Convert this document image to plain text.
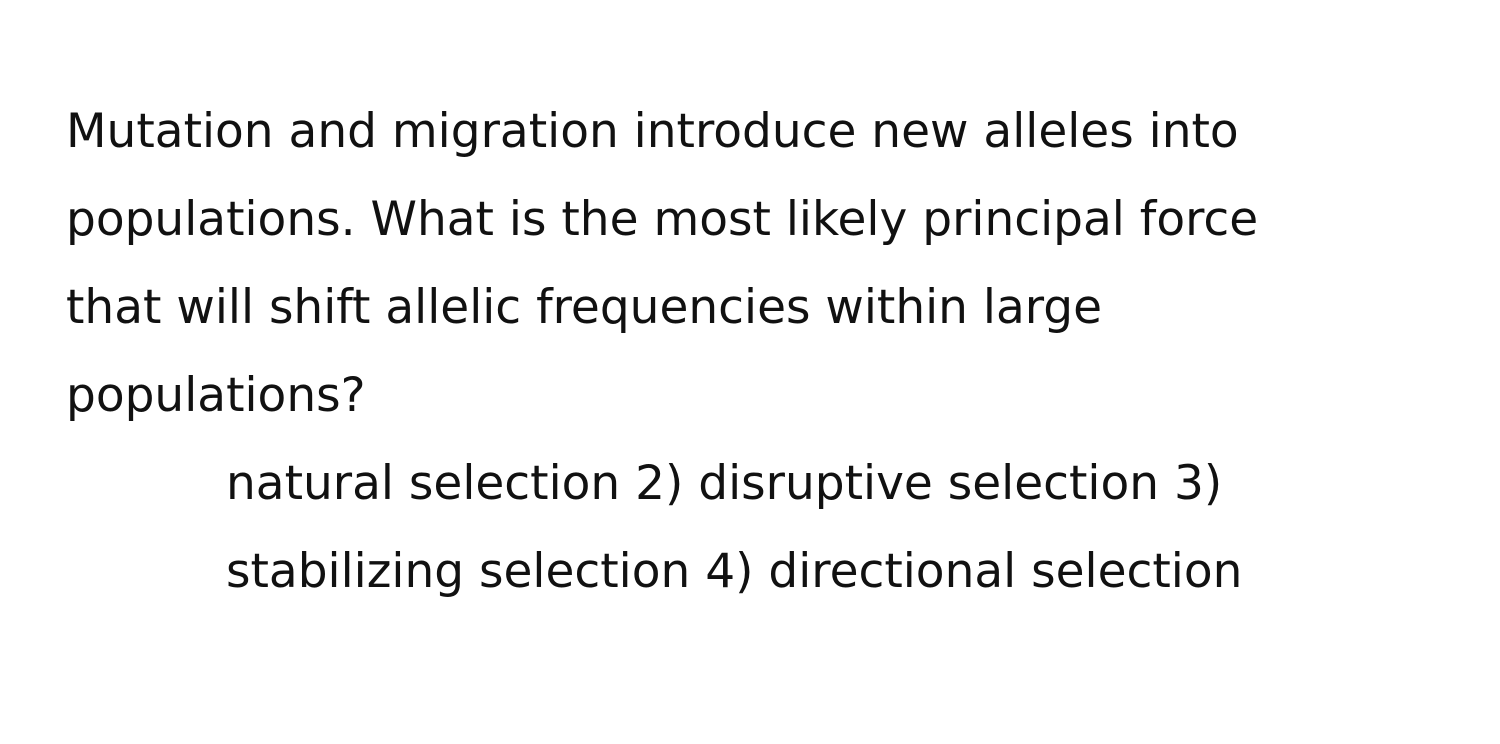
Mutation and migration introduce new alleles into
populations. What is the most likely principal force
that will shift allelic frequencies within large
populations?

natural selection 2) disruptive selection 3)
stabilizing selection 4) directional selection
